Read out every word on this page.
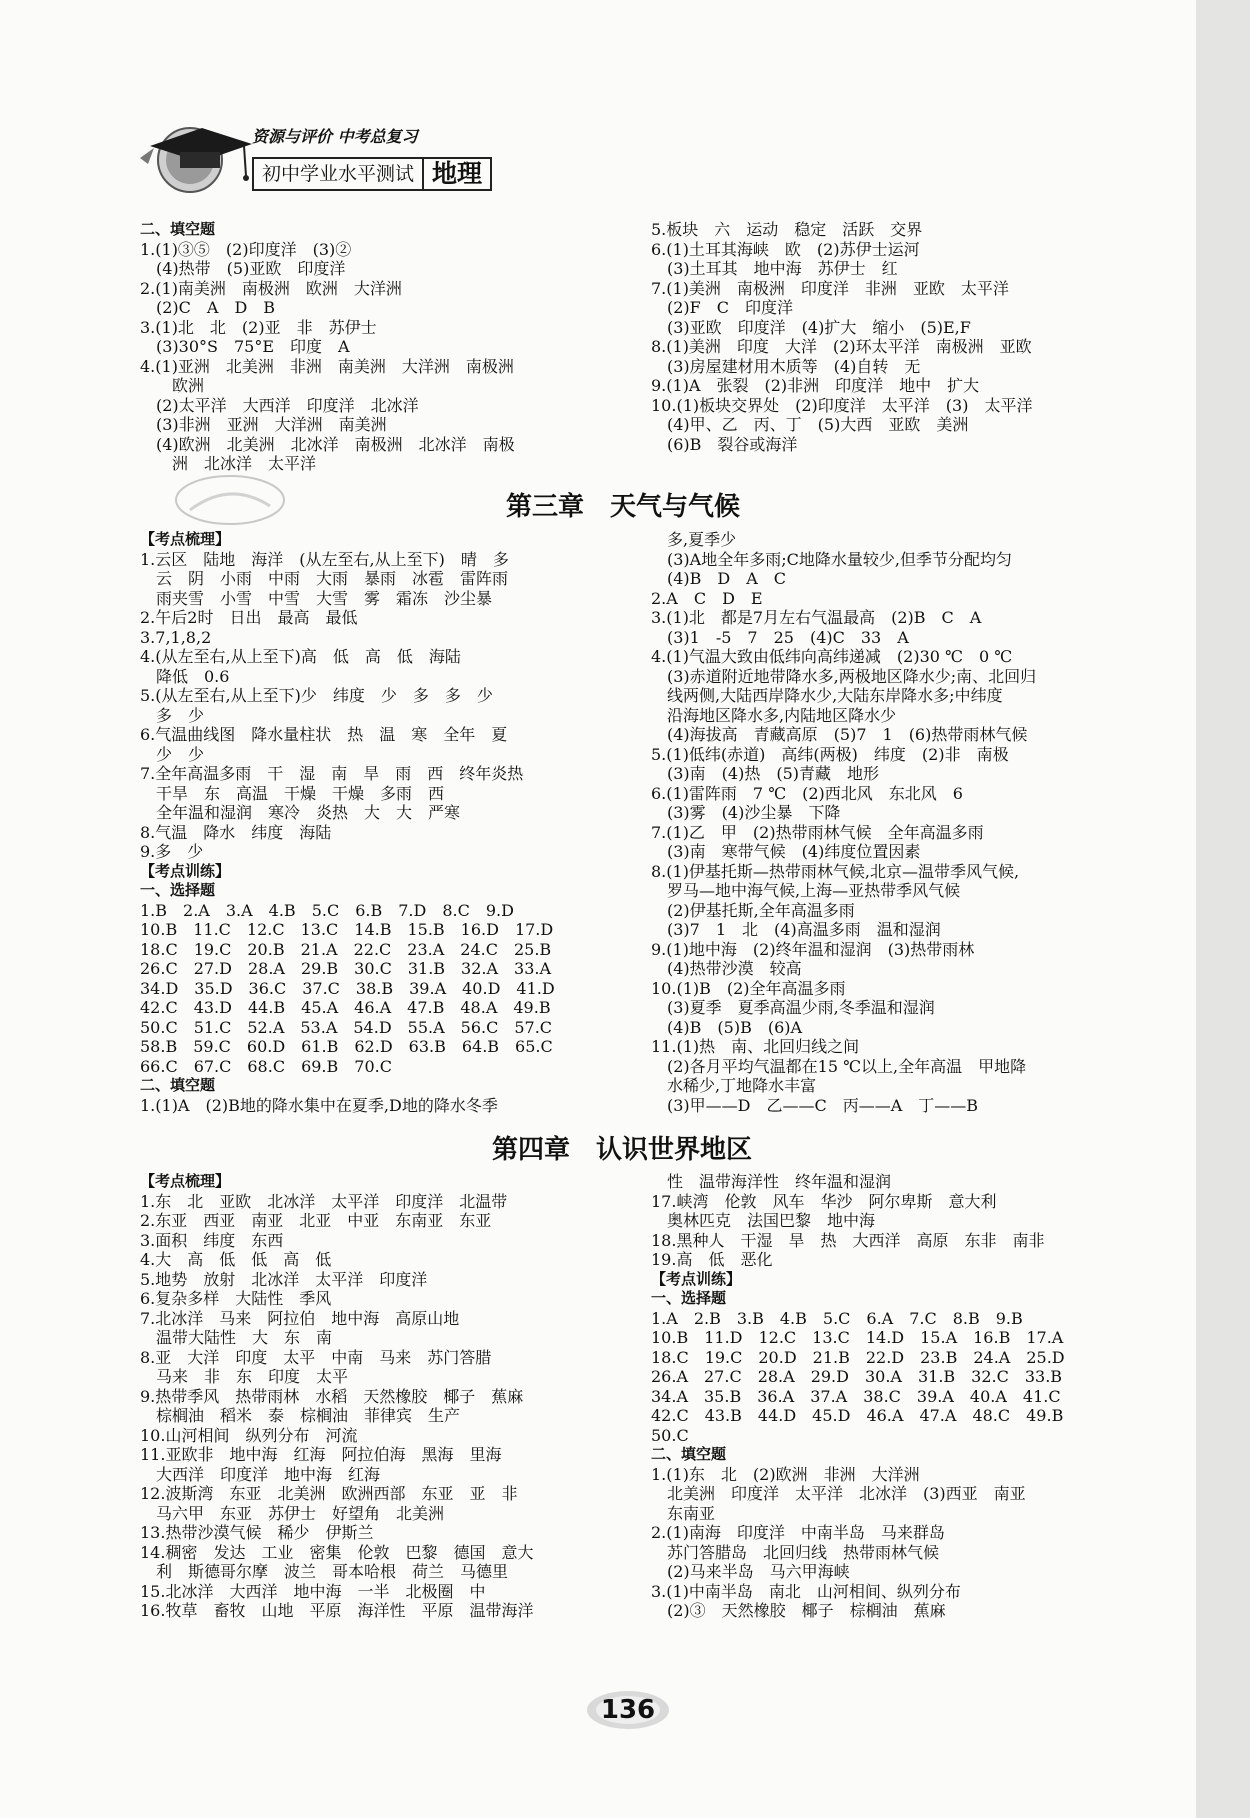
资源与评价 中考总复习
初中学业水平测试 地理
二、填空题
1.(1)③⑤　(2)印度洋　(3)②
　(4)热带　(5)亚欧　印度洋
2.(1)南美洲　南极洲　欧洲　大洋洲
　(2)C　A　D　B
3.(1)北　北　(2)亚　非　苏伊士
　(3)30°S　75°E　印度　A
4.(1)亚洲　北美洲　非洲　南美洲　大洋洲　南极洲
　　欧洲
　(2)太平洋　大西洋　印度洋　北冰洋
　(3)非洲　亚洲　大洋洲　南美洲
　(4)欧洲　北美洲　北冰洋　南极洲　北冰洋　南极
　　洲　北冰洋　太平洋
5.板块　六　运动　稳定　活跃　交界
6.(1)土耳其海峡　欧　(2)苏伊士运河
　(3)土耳其　地中海　苏伊士　红
7.(1)美洲　南极洲　印度洋　非洲　亚欧　太平洋
　(2)F　C　印度洋
　(3)亚欧　印度洋　(4)扩大　缩小　(5)E,F
8.(1)美洲　印度　大洋　(2)环太平洋　南极洲　亚欧
　(3)房屋建材用木质等　(4)自转　无
9.(1)A　张裂　(2)非洲　印度洋　地中　扩大
10.(1)板块交界处　(2)印度洋　太平洋　(3)　太平洋
　(4)甲、乙　丙、丁　(5)大西　亚欧　美洲
　(6)B　裂谷或海洋
第三章　天气与气候
【考点梳理】
1.云区　陆地　海洋　(从左至右,从上至下)　晴　多
　云　阴　小雨　中雨　大雨　暴雨　冰雹　雷阵雨
　雨夹雪　小雪　中雪　大雪　雾　霜冻　沙尘暴
2.午后2时　日出　最高　最低
3.7,1,8,2
4.(从左至右,从上至下)高　低　高　低　海陆
　降低　0.6
5.(从左至右,从上至下)少　纬度　少　多　多　少
　多　少
6.气温曲线图　降水量柱状　热　温　寒　全年　夏
　少　少
7.全年高温多雨　干　湿　南　旱　雨　西　终年炎热
　干旱　东　高温　干燥　干燥　多雨　西
　全年温和湿润　寒冷　炎热　大　大　严寒
8.气温　降水　纬度　海陆
9.多　少
【考点训练】
一、选择题
1.B　2.A　3.A　4.B　5.C　6.B　7.D　8.C　9.D
10.B　11.C　12.C　13.C　14.B　15.B　16.D　17.D
18.C　19.C　20.B　21.A　22.C　23.A　24.C　25.B
26.C　27.D　28.A　29.B　30.C　31.B　32.A　33.A
34.D　35.D　36.C　37.C　38.B　39.A　40.D　41.D
42.C　43.D　44.B　45.A　46.A　47.B　48.A　49.B
50.C　51.C　52.A　53.A　54.D　55.A　56.C　57.C
58.B　59.C　60.D　61.B　62.D　63.B　64.B　65.C
66.C　67.C　68.C　69.B　70.C
二、填空题
1.(1)A　(2)B地的降水集中在夏季,D地的降水冬季
　多,夏季少
　(3)A地全年多雨;C地降水量较少,但季节分配均匀
　(4)B　D　A　C
2.A　C　D　E
3.(1)北　都是7月左右气温最高　(2)B　C　A
　(3)1　-5　7　25　(4)C　33　A
4.(1)气温大致由低纬向高纬递减　(2)30 ℃　0 ℃
　(3)赤道附近地带降水多,两极地区降水少;南、北回归
　线两侧,大陆西岸降水少,大陆东岸降水多;中纬度
　沿海地区降水多,内陆地区降水少
　(4)海拔高　青藏高原　(5)7　1　(6)热带雨林气候
5.(1)低纬(赤道)　高纬(两极)　纬度　(2)非　南极
　(3)南　(4)热　(5)青藏　地形
6.(1)雷阵雨　7 ℃　(2)西北风　东北风　6
　(3)雾　(4)沙尘暴　下降
7.(1)乙　甲　(2)热带雨林气候　全年高温多雨
　(3)南　寒带气候　(4)纬度位置因素
8.(1)伊基托斯—热带雨林气候,北京—温带季风气候,
　罗马—地中海气候,上海—亚热带季风气候
　(2)伊基托斯,全年高温多雨
　(3)7　1　北　(4)高温多雨　温和湿润
9.(1)地中海　(2)终年温和湿润　(3)热带雨林
　(4)热带沙漠　较高
10.(1)B　(2)全年高温多雨
　(3)夏季　夏季高温少雨,冬季温和湿润
　(4)B　(5)B　(6)A
11.(1)热　南、北回归线之间
　(2)各月平均气温都在15 ℃以上,全年高温　甲地降
　水稀少,丁地降水丰富
　(3)甲——D　乙——C　丙——A　丁——B
第四章　认识世界地区
【考点梳理】
1.东　北　亚欧　北冰洋　太平洋　印度洋　北温带
2.东亚　西亚　南亚　北亚　中亚　东南亚　东亚
3.面积　纬度　东西
4.大　高　低　低　高　低
5.地势　放射　北冰洋　太平洋　印度洋
6.复杂多样　大陆性　季风
7.北冰洋　马来　阿拉伯　地中海　高原山地
　温带大陆性　大　东　南
8.亚　大洋　印度　太平　中南　马来　苏门答腊
　马来　非　东　印度　太平
9.热带季风　热带雨林　水稻　天然橡胶　椰子　蕉麻
　棕榈油　稻米　泰　棕榈油　菲律宾　生产
10.山河相间　纵列分布　河流
11.亚欧非　地中海　红海　阿拉伯海　黑海　里海
　大西洋　印度洋　地中海　红海
12.波斯湾　东亚　北美洲　欧洲西部　东亚　亚　非
　马六甲　东亚　苏伊士　好望角　北美洲
13.热带沙漠气候　稀少　伊斯兰
14.稠密　发达　工业　密集　伦敦　巴黎　德国　意大
　利　斯德哥尔摩　波兰　哥本哈根　荷兰　马德里
15.北冰洋　大西洋　地中海　一半　北极圈　中
16.牧草　畜牧　山地　平原　海洋性　平原　温带海洋
　性　温带海洋性　终年温和湿润
17.峡湾　伦敦　风车　华沙　阿尔卑斯　意大利
　奥林匹克　法国巴黎　地中海
18.黑种人　干湿　旱　热　大西洋　高原　东非　南非
19.高　低　恶化
【考点训练】
一、选择题
1.A　2.B　3.B　4.B　5.C　6.A　7.C　8.B　9.B
10.B　11.D　12.C　13.C　14.D　15.A　16.B　17.A
18.C　19.C　20.D　21.B　22.D　23.B　24.A　25.D
26.A　27.C　28.A　29.D　30.A　31.B　32.C　33.B
34.A　35.B　36.A　37.A　38.C　39.A　40.A　41.C
42.C　43.B　44.D　45.D　46.A　47.A　48.C　49.B
50.C
二、填空题
1.(1)东　北　(2)欧洲　非洲　大洋洲
　北美洲　印度洋　太平洋　北冰洋　(3)西亚　南亚
　东南亚
2.(1)南海　印度洋　中南半岛　马来群岛
　苏门答腊岛　北回归线　热带雨林气候
　(2)马来半岛　马六甲海峡
3.(1)中南半岛　南北　山河相间、纵列分布
　(2)③　天然橡胶　椰子　棕榈油　蕉麻
136
